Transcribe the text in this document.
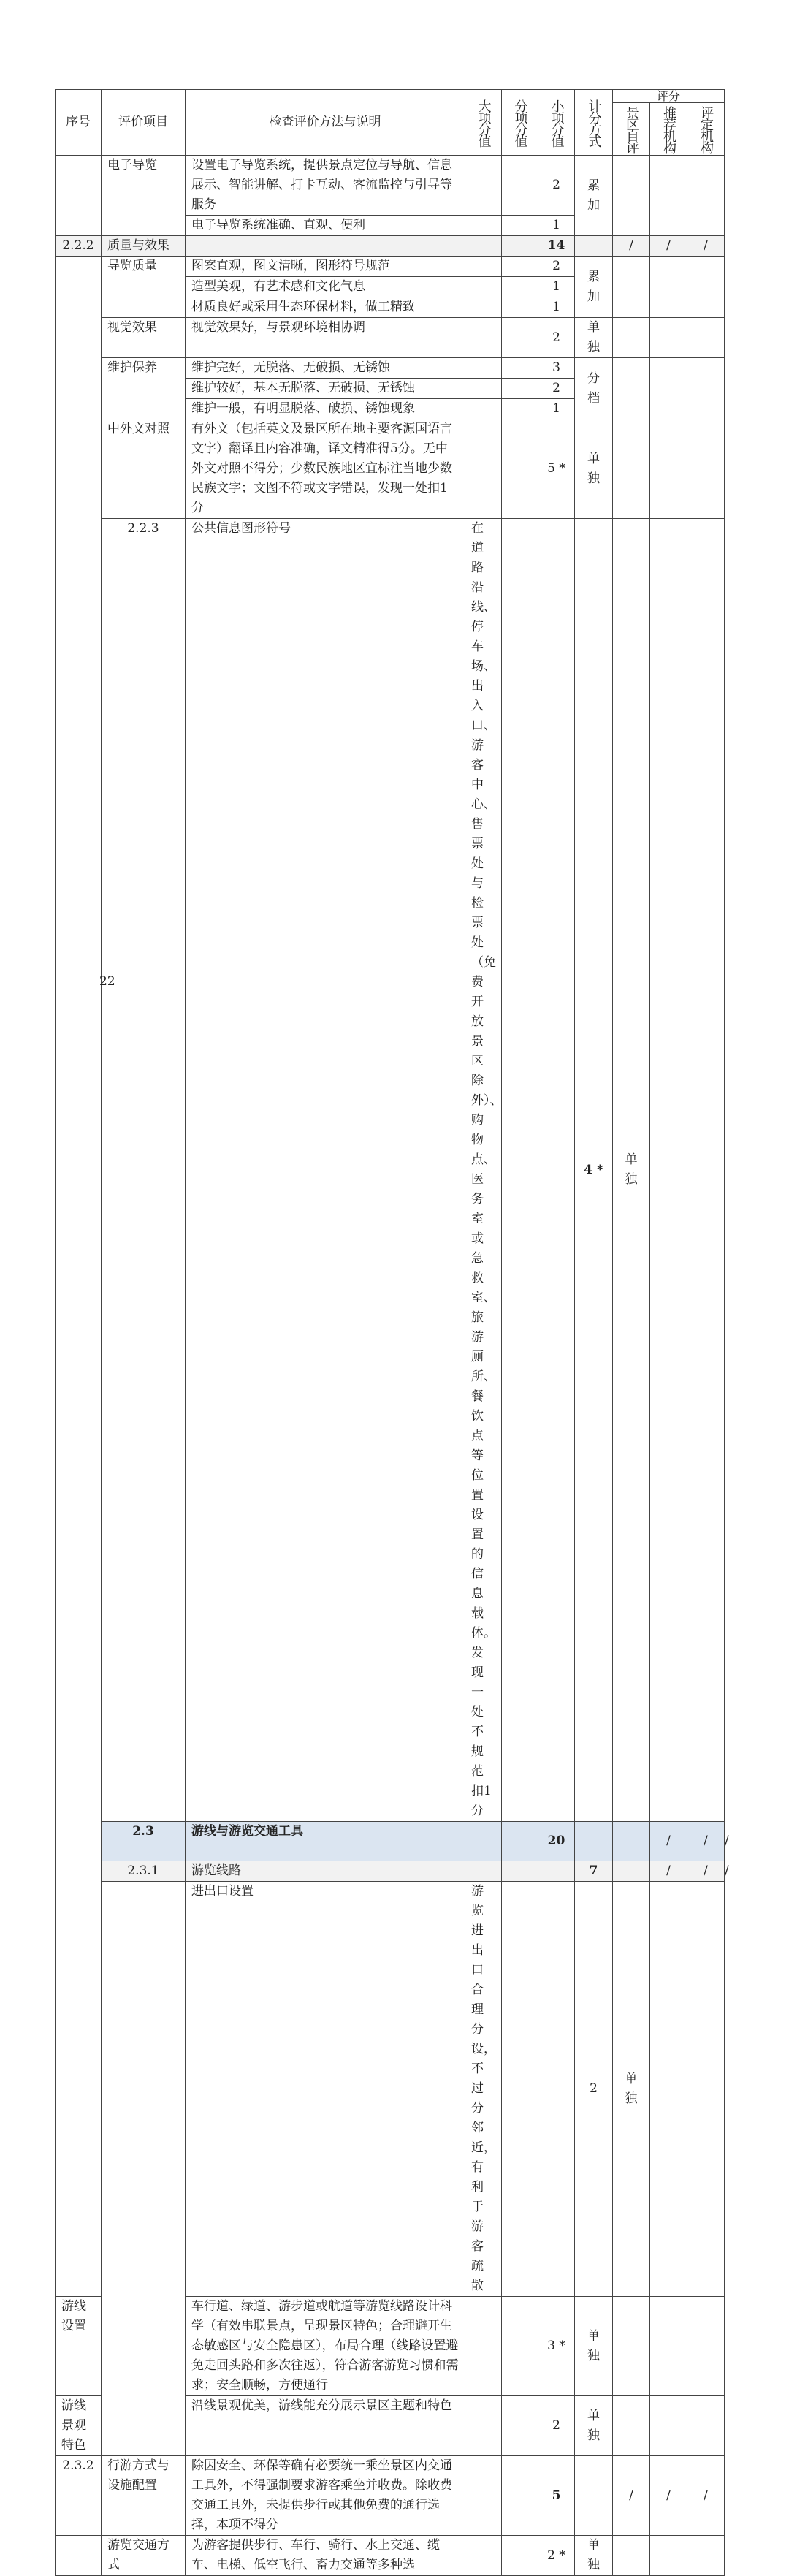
序号	评价项目	检查评价方法与说明	大项分值	分项分值	小项分值	计分方式	评分			

							景区自评	推荐机构	评定机构	

	电子导览	设置电子导览系统，提供景点定位与导航、信息展示、智能讲解、打卡互动、客流监控与引导等服务			2	累加				
		电子导览系统准确、直观、便利			1					
2.2.2	质量与效果				14		/	/	/	
	导览质量	图案直观，图文清晰，图形符号规范			2	累加				
		造型美观，有艺术感和文化气息			1					
		材质良好或采用生态环保材料，做工精致			1					
	视觉效果	视觉效果好，与景观环境相协调			2	单独				
	维护保养	维护完好，无脱落、无破损、无锈蚀			3	分档				
		维护较好，基本无脱落、无破损、无锈蚀			2					
		维护一般，有明显脱落、破损、锈蚀现象			1					
	中外文对照	有外文（包括英文及景区所在地主要客源国语言文字）翻译且内容准确，译文精准得5分。无中外文对照不得分；少数民族地区宜标注当地少数民族文字；文图不符或文字错误，发现一处扣1分			5 *	单独				
	2.2.3	公共信息图形符号	在道路沿线、停车场、出入口、游客中心、售票处与检票处（免费开放景区除外）、购物点、医务室或急救室、旅游厕所、餐饮点等位置设置的信息载体。发现一处不规范扣1分			4 *	单独			
	2.3	游线与游览交通工具			20			/	/	/
	2.3.1	游览线路				7		/	/	/
		进出口设置	游览进出口合理分设，不过分邻近，有利于游客疏散			2	单独			
游线设置		车行道、绿道、游步道或航道等游览线路设计科学（有效串联景点，呈现景区特色；合理避开生态敏感区与安全隐患区），布局合理（线路设置避免走回头路和多次往返），符合游客游览习惯和需求；安全顺畅，方便通行			3 *	单独				
游线景观特色		沿线景观优美，游线能充分展示景区主题和特色			2	单独				
2.3.2	行游方式与设施配置	除因安全、环保等确有必要统一乘坐景区内交通工具外，不得强制要求游客乘坐并收费。除收费交通工具外，未提供步行或其他免费的通行选择，本项不得分			5		/	/	/	
	游览交通方式	为游客提供步行、车行、骑行、水上交通、缆车、电梯、低空飞行、畜力交通等多种选			2 *	单独				
22
